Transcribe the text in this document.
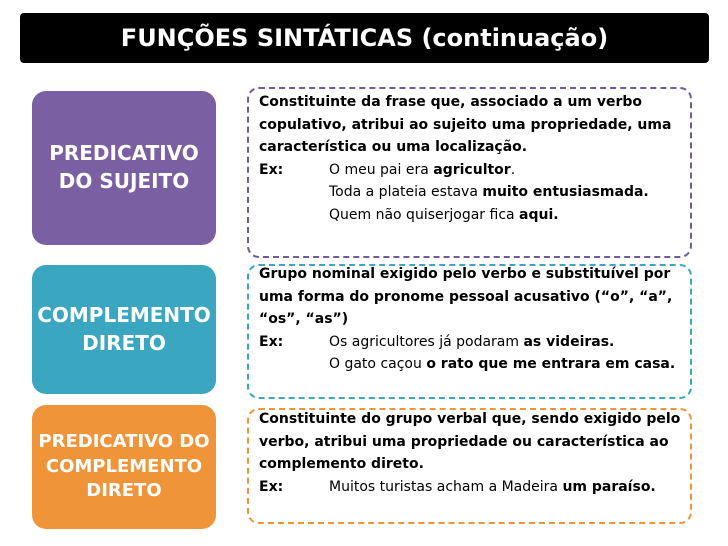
FUNÇÕES SINTÁTICAS (continuação)
PREDICATIVO
DO SUJEITO

Constituinte da frase que, associado a um verbo copulativo, atribui ao sujeito uma propriedade, uma característica ou uma localização.

Ex:	O meu pai era agricultor.

Toda a plateia estava muito entusiasmada.

Quem não quiserjogar fica aqui.

COMPLEMENTO
DIRETO

Grupo nominal exigido pelo verbo e substituível por uma forma do pronome pessoal acusativo (“o”, “a”, “os”, “as”)

Ex:	Os agricultores já podaram as videiras.

O gato caçou o rato que me entrara em casa.

PREDICATIVO DO
COMPLEMENTO
DIRETO

Constituinte do grupo verbal que, sendo exigido pelo verbo, atribui uma propriedade ou característica ao complemento direto.

Ex:	Muitos turistas acham a Madeira um paraíso.
